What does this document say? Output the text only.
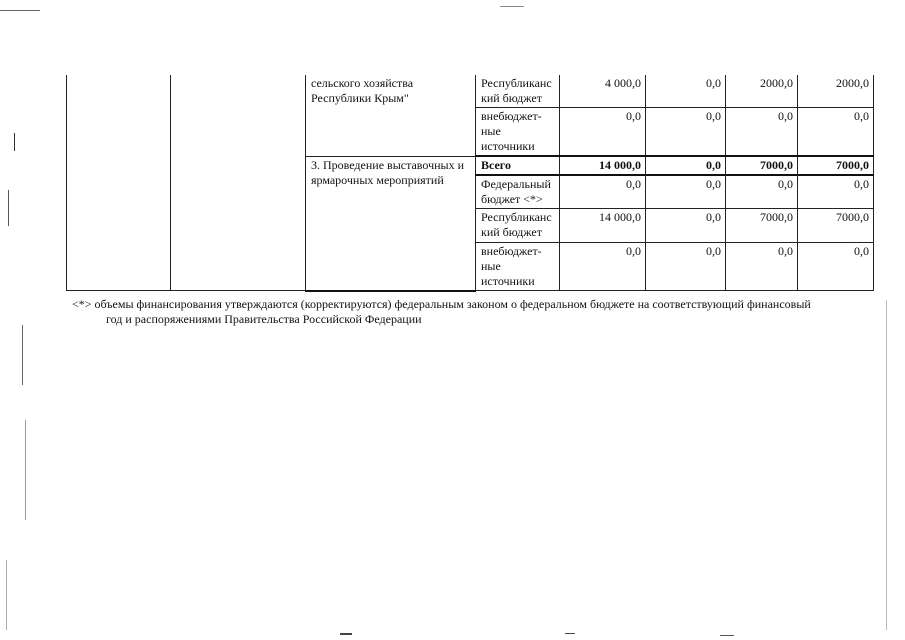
		сельского хозяйства Республики Крым"	Республиканс
кий бюджет	4 000,0	0,0	2000,0	2000,0
			внебюджет-
ные
источники	0,0	0,0	0,0	0,0
		3. Проведение выставочных и ярмарочных мероприятий	Всего	14 000,0	0,0	7000,0	7000,0
			Федеральный
бюджет <*>	0,0	0,0	0,0	0,0
			Республиканс
кий бюджет	14 000,0	0,0	7000,0	7000,0
			внебюджет-
ные
источники	0,0	0,0	0,0	0,0
<*> объемы финансирования утверждаются (корректируются) федеральным законом о федеральном бюджете на соответствующий финансовый
год и распоряжениями Правительства Российской Федерации
